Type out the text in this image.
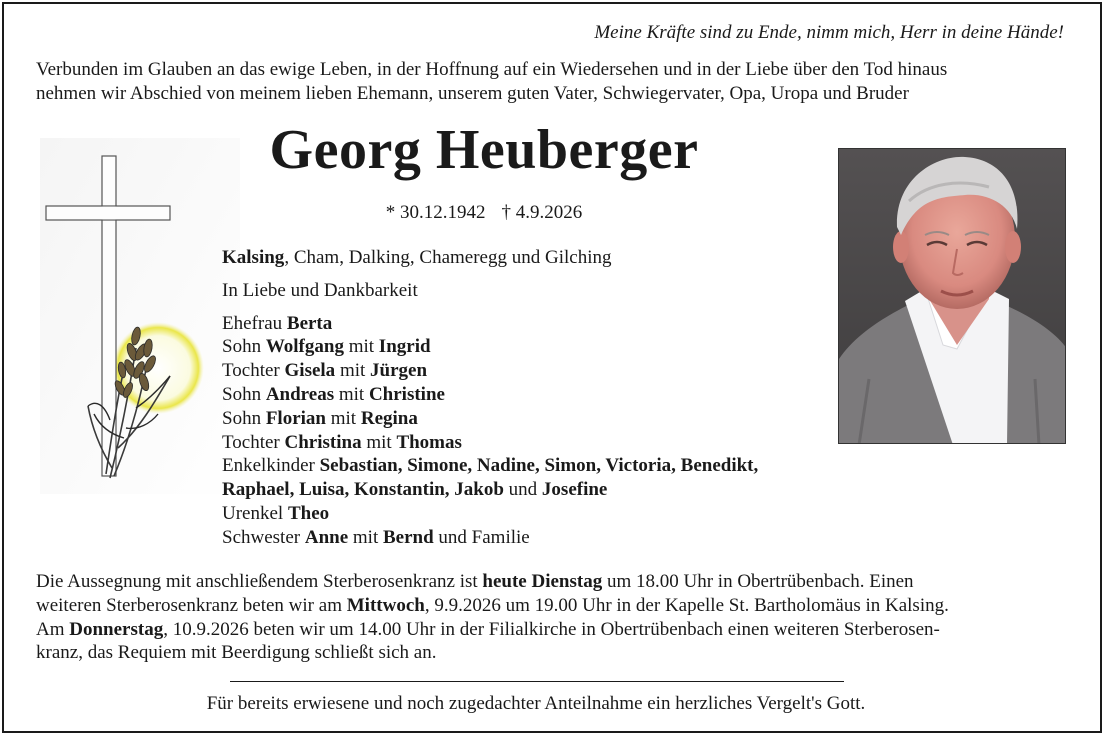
Meine Kräfte sind zu Ende, nimm mich, Herr in deine Hände!
Verbunden im Glauben an das ewige Leben, in der Hoffnung auf ein Wiedersehen und in der Liebe über den Tod hinaus
nehmen wir Abschied von meinem lieben Ehemann, unserem guten Vater, Schwiegervater, Opa, Uropa und Bruder
Georg Heuberger
* 30.12.1942 † 4.9.2026
Kalsing, Cham, Dalking, Chameregg und Gilching
In Liebe und Dankbarkeit
Ehefrau Berta
Sohn Wolfgang mit Ingrid
Tochter Gisela mit Jürgen
Sohn Andreas mit Christine
Sohn Florian mit Regina
Tochter Christina mit Thomas
Enkelkinder Sebastian, Simone, Nadine, Simon, Victoria, Benedikt,
Raphael, Luisa, Konstantin, Jakob und Josefine
Urenkel Theo
Schwester Anne mit Bernd und Familie
Die Aussegnung mit anschließendem Sterberosenkranz ist heute Dienstag um 18.00 Uhr in Obertrübenbach. Einen
weiteren Sterberosenkranz beten wir am Mittwoch, 9.9.2026 um 19.00 Uhr in der Kapelle St. Bartholomäus in Kalsing.
Am Donnerstag, 10.9.2026 beten wir um 14.00 Uhr in der Filialkirche in Obertrübenbach einen weiteren Sterberosen-
kranz, das Requiem mit Beerdigung schließt sich an.
Für bereits erwiesene und noch zugedachter Anteilnahme ein herzliches Vergelt's Gott.
